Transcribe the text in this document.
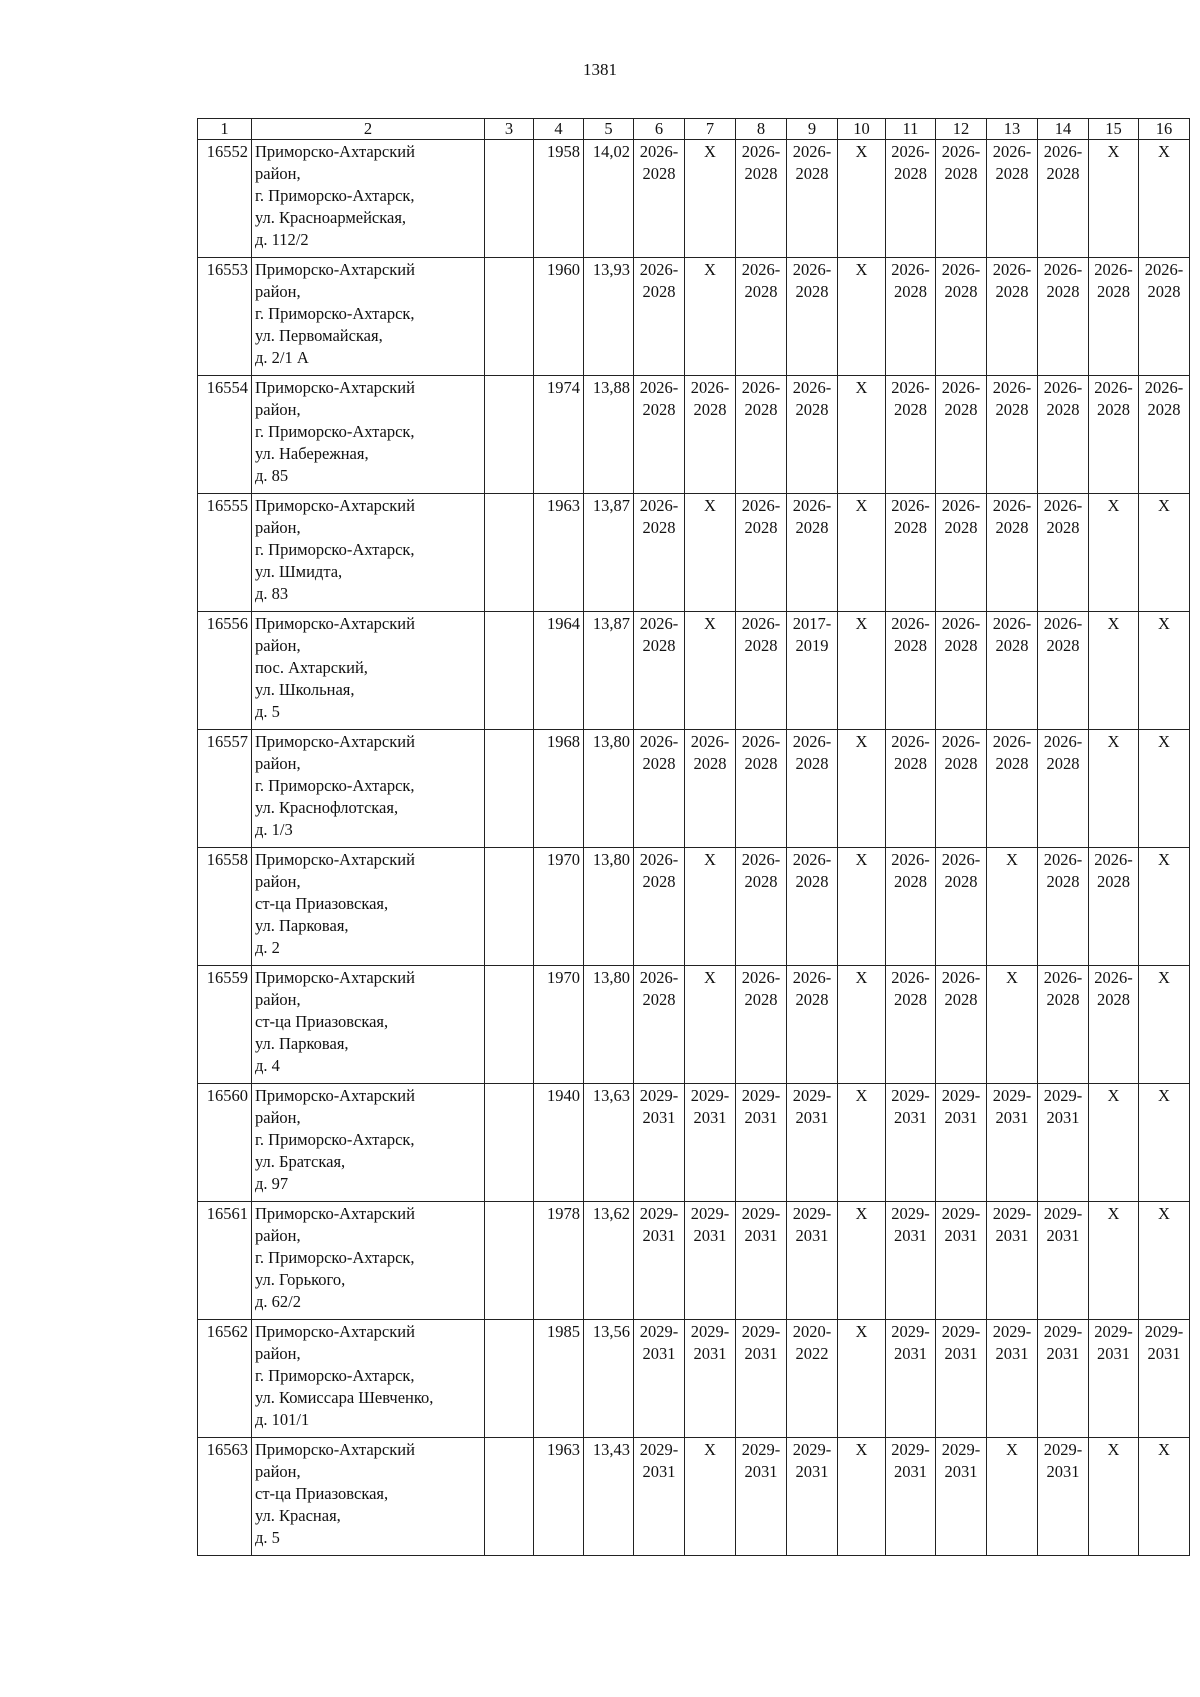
1381
1	2	3	4	5	6	7	8	9	10	11	12	13	14	15	16
16552	Приморско-Ахтарский
район,
г. Приморско-Ахтарск,
ул. Красноармейская,
д. 112/2		1958	14,02	2026-
2028	Х	2026-
2028	2026-
2028	Х	2026-
2028	2026-
2028	2026-
2028	2026-
2028	Х	Х

16553	Приморско-Ахтарский
район,
г. Приморско-Ахтарск,
ул. Первомайская,
д. 2/1 А		1960	13,93	2026-
2028	Х	2026-
2028	2026-
2028	Х	2026-
2028	2026-
2028	2026-
2028	2026-
2028	2026-
2028	2026-
2028

16554	Приморско-Ахтарский
район,
г. Приморско-Ахтарск,
ул. Набережная,
д. 85		1974	13,88	2026-
2028	2026-
2028	2026-
2028	2026-
2028	Х	2026-
2028	2026-
2028	2026-
2028	2026-
2028	2026-
2028	2026-
2028

16555	Приморско-Ахтарский
район,
г. Приморско-Ахтарск,
ул. Шмидта,
д. 83		1963	13,87	2026-
2028	Х	2026-
2028	2026-
2028	Х	2026-
2028	2026-
2028	2026-
2028	2026-
2028	Х	Х

16556	Приморско-Ахтарский
район,
пос. Ахтарский,
ул. Школьная,
д. 5		1964	13,87	2026-
2028	Х	2026-
2028	2017-
2019	Х	2026-
2028	2026-
2028	2026-
2028	2026-
2028	Х	Х

16557	Приморско-Ахтарский
район,
г. Приморско-Ахтарск,
ул. Краснофлотская,
д. 1/3		1968	13,80	2026-
2028	2026-
2028	2026-
2028	2026-
2028	Х	2026-
2028	2026-
2028	2026-
2028	2026-
2028	Х	Х

16558	Приморско-Ахтарский
район,
ст-ца Приазовская,
ул. Парковая,
д. 2		1970	13,80	2026-
2028	Х	2026-
2028	2026-
2028	Х	2026-
2028	2026-
2028	Х	2026-
2028	2026-
2028	Х

16559	Приморско-Ахтарский
район,
ст-ца Приазовская,
ул. Парковая,
д. 4		1970	13,80	2026-
2028	Х	2026-
2028	2026-
2028	Х	2026-
2028	2026-
2028	Х	2026-
2028	2026-
2028	Х

16560	Приморско-Ахтарский
район,
г. Приморско-Ахтарск,
ул. Братская,
д. 97		1940	13,63	2029-
2031	2029-
2031	2029-
2031	2029-
2031	Х	2029-
2031	2029-
2031	2029-
2031	2029-
2031	Х	Х

16561	Приморско-Ахтарский
район,
г. Приморско-Ахтарск,
ул. Горького,
д. 62/2		1978	13,62	2029-
2031	2029-
2031	2029-
2031	2029-
2031	Х	2029-
2031	2029-
2031	2029-
2031	2029-
2031	Х	Х

16562	Приморско-Ахтарский
район,
г. Приморско-Ахтарск,
ул. Комиссара Шевченко,
д. 101/1		1985	13,56	2029-
2031	2029-
2031	2029-
2031	2020-
2022	Х	2029-
2031	2029-
2031	2029-
2031	2029-
2031	2029-
2031	2029-
2031

16563	Приморско-Ахтарский
район,
ст-ца Приазовская,
ул. Красная,
д. 5		1963	13,43	2029-
2031	Х	2029-
2031	2029-
2031	Х	2029-
2031	2029-
2031	Х	2029-
2031	Х	Х
